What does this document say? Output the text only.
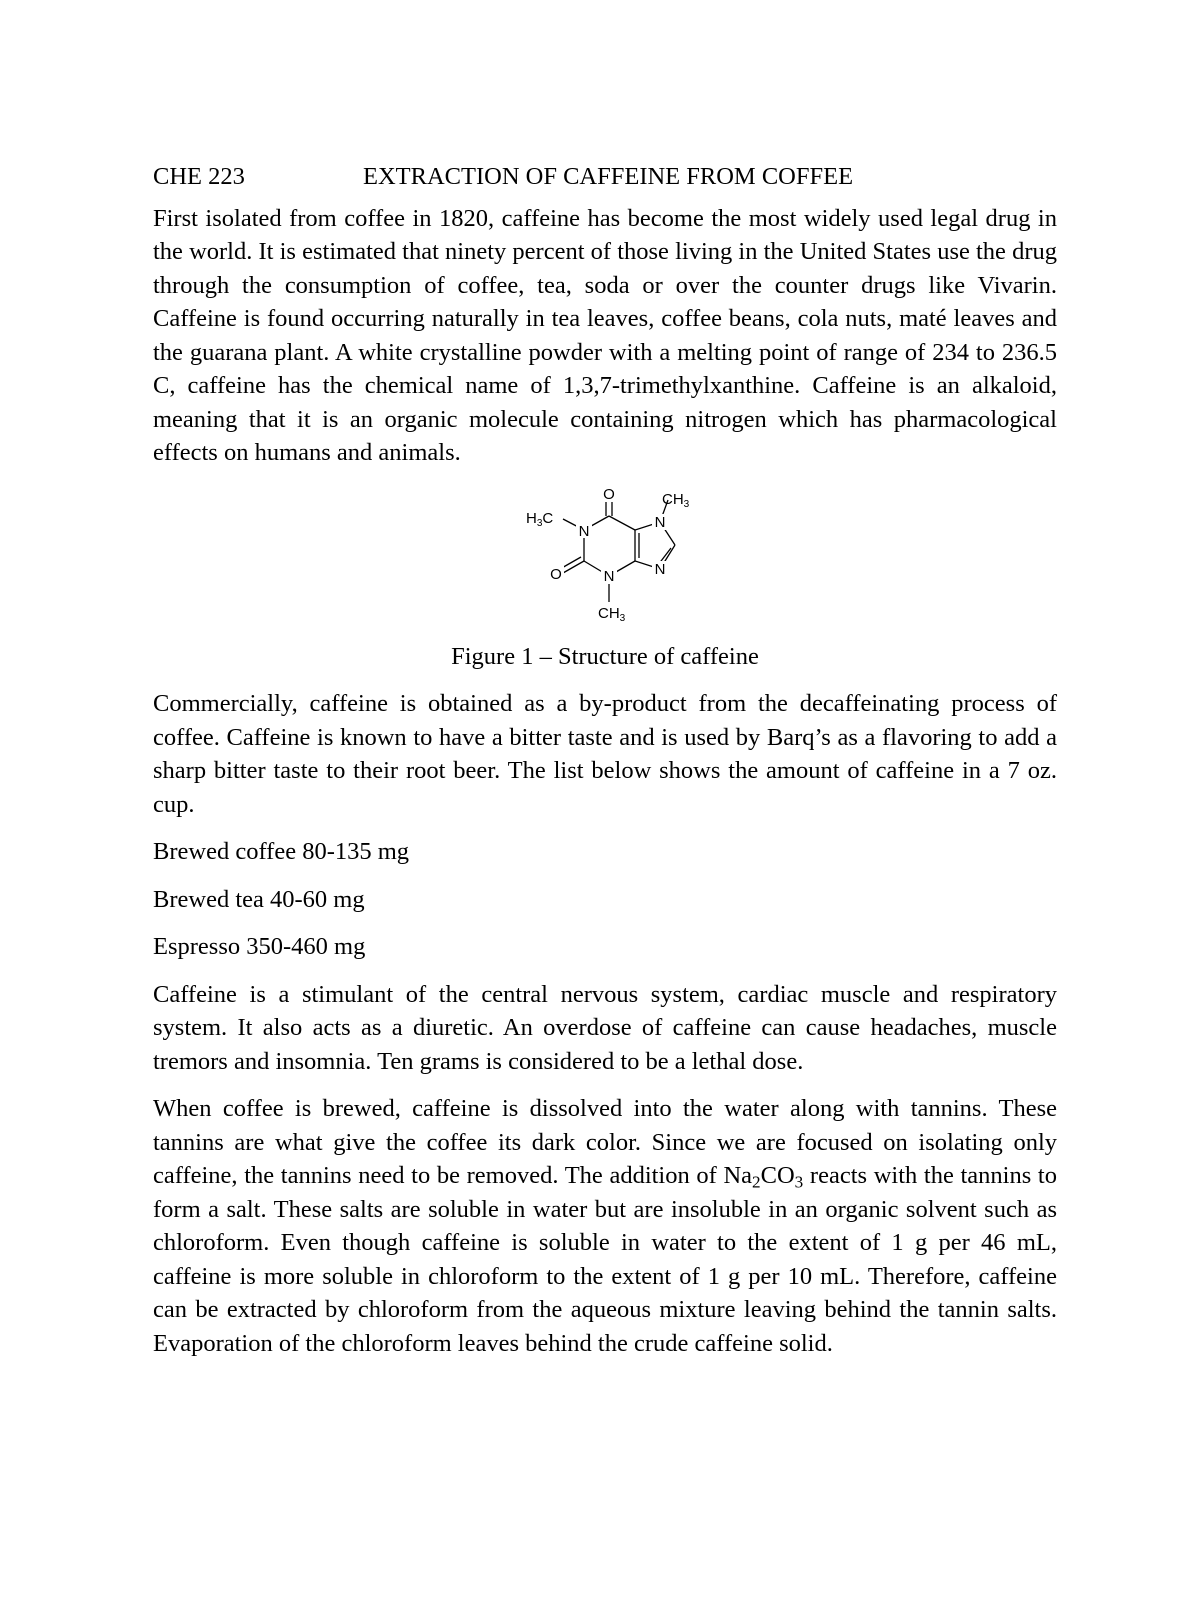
CHE 223	EXTRACTION OF CAFFEINE FROM COFFEE

First isolated from coffee in 1820, caffeine has become the most widely used legal drug in the world. It is estimated that ninety percent of those living in the United States use the drug through the consumption of coffee, tea, soda or over the counter drugs like Vivarin. Caffeine is found occurring naturally in tea leaves, coffee beans, cola nuts, maté leaves and the guarana plant. A white crystalline powder with a melting point of range of 234 to 236.5 C, caffeine has the chemical name of 1,3,7-trimethylxanthine. Caffeine is an alkaloid, meaning that it is an organic molecule containing nitrogen which has pharmacological effects on humans and animals.

O
O
N
N
N
N
$H_3C$
$CH_3$
$CH_3$
Figure 1 – Structure of caffeine

Commercially, caffeine is obtained as a by-product from the decaffeinating process of coffee. Caffeine is known to have a bitter taste and is used by Barq’s as a flavoring to add a sharp bitter taste to their root beer. The list below shows the amount of caffeine in a 7 oz. cup.

Brewed coffee 80-135 mg
Brewed tea 40-60 mg
Espresso 350-460 mg

Caffeine is a stimulant of the central nervous system, cardiac muscle and respiratory system. It also acts as a diuretic. An overdose of caffeine can cause headaches, muscle tremors and insomnia. Ten grams is considered to be a lethal dose.

When coffee is brewed, caffeine is dissolved into the water along with tannins. These tannins are what give the coffee its dark color. Since we are focused on isolating only caffeine, the tannins need to be removed. The addition of $Na_2CO_3$ reacts with the tannins to form a salt. These salts are soluble in water but are insoluble in an organic solvent such as chloroform. Even though caffeine is soluble in water to the extent of 1 g per 46 mL, caffeine is more soluble in chloroform to the extent of 1 g per 10 mL. Therefore, caffeine can be extracted by chloroform from the aqueous mixture leaving behind the tannin salts. Evaporation of the chloroform leaves behind the crude caffeine solid.
